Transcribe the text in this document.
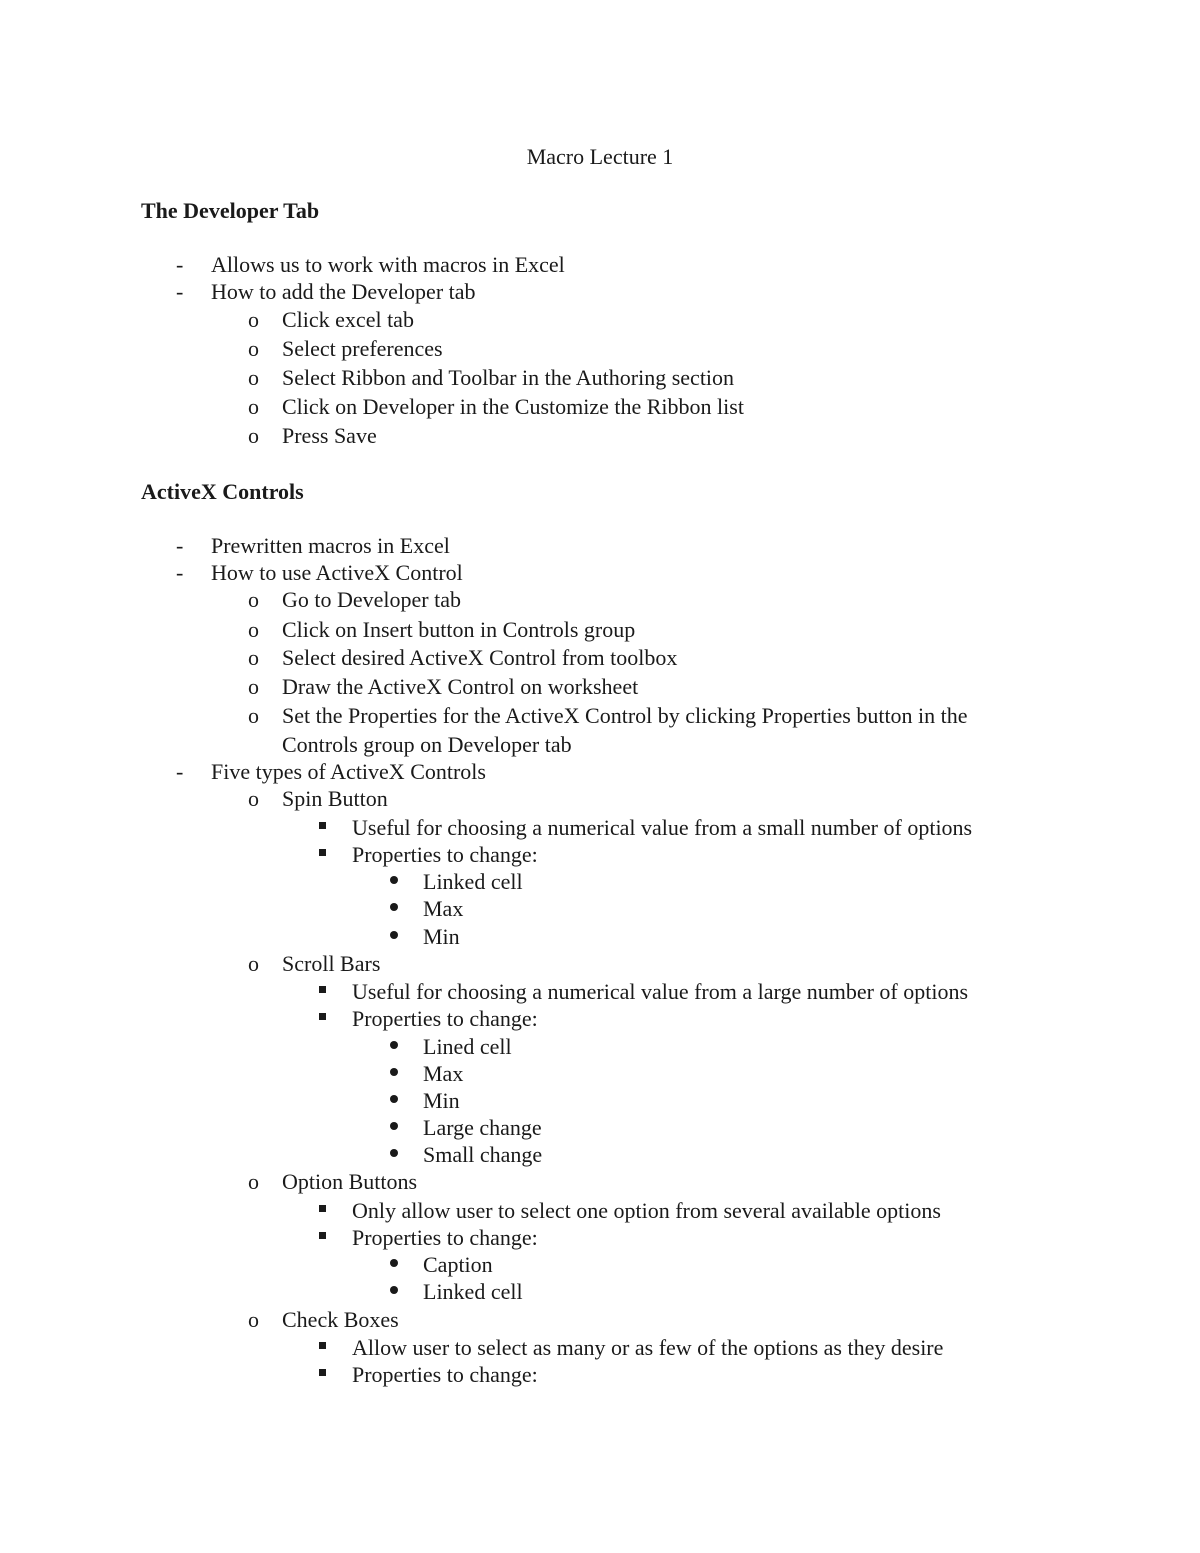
Macro Lecture 1
The Developer Tab
- Allows us to work with macros in Excel
- How to add the Developer tab
o Click excel tab
o Select preferences
o Select Ribbon and Toolbar in the Authoring section
o Click on Developer in the Customize the Ribbon list
o Press Save
ActiveX Controls
- Prewritten macros in Excel
- How to use ActiveX Control
o Go to Developer tab
o Click on Insert button in Controls group
o Select desired ActiveX Control from toolbox
o Draw the ActiveX Control on worksheet
o Set the Properties for the ActiveX Control by clicking Properties button in the
Controls group on Developer tab
- Five types of ActiveX Controls
o Spin Button
Useful for choosing a numerical value from a small number of options
Properties to change:
Linked cell
Max
Min
o Scroll Bars
Useful for choosing a numerical value from a large number of options
Properties to change:
Lined cell
Max
Min
Large change
Small change
o Option Buttons
Only allow user to select one option from several available options
Properties to change:
Caption
Linked cell
o Check Boxes
Allow user to select as many or as few of the options as they desire
Properties to change:
